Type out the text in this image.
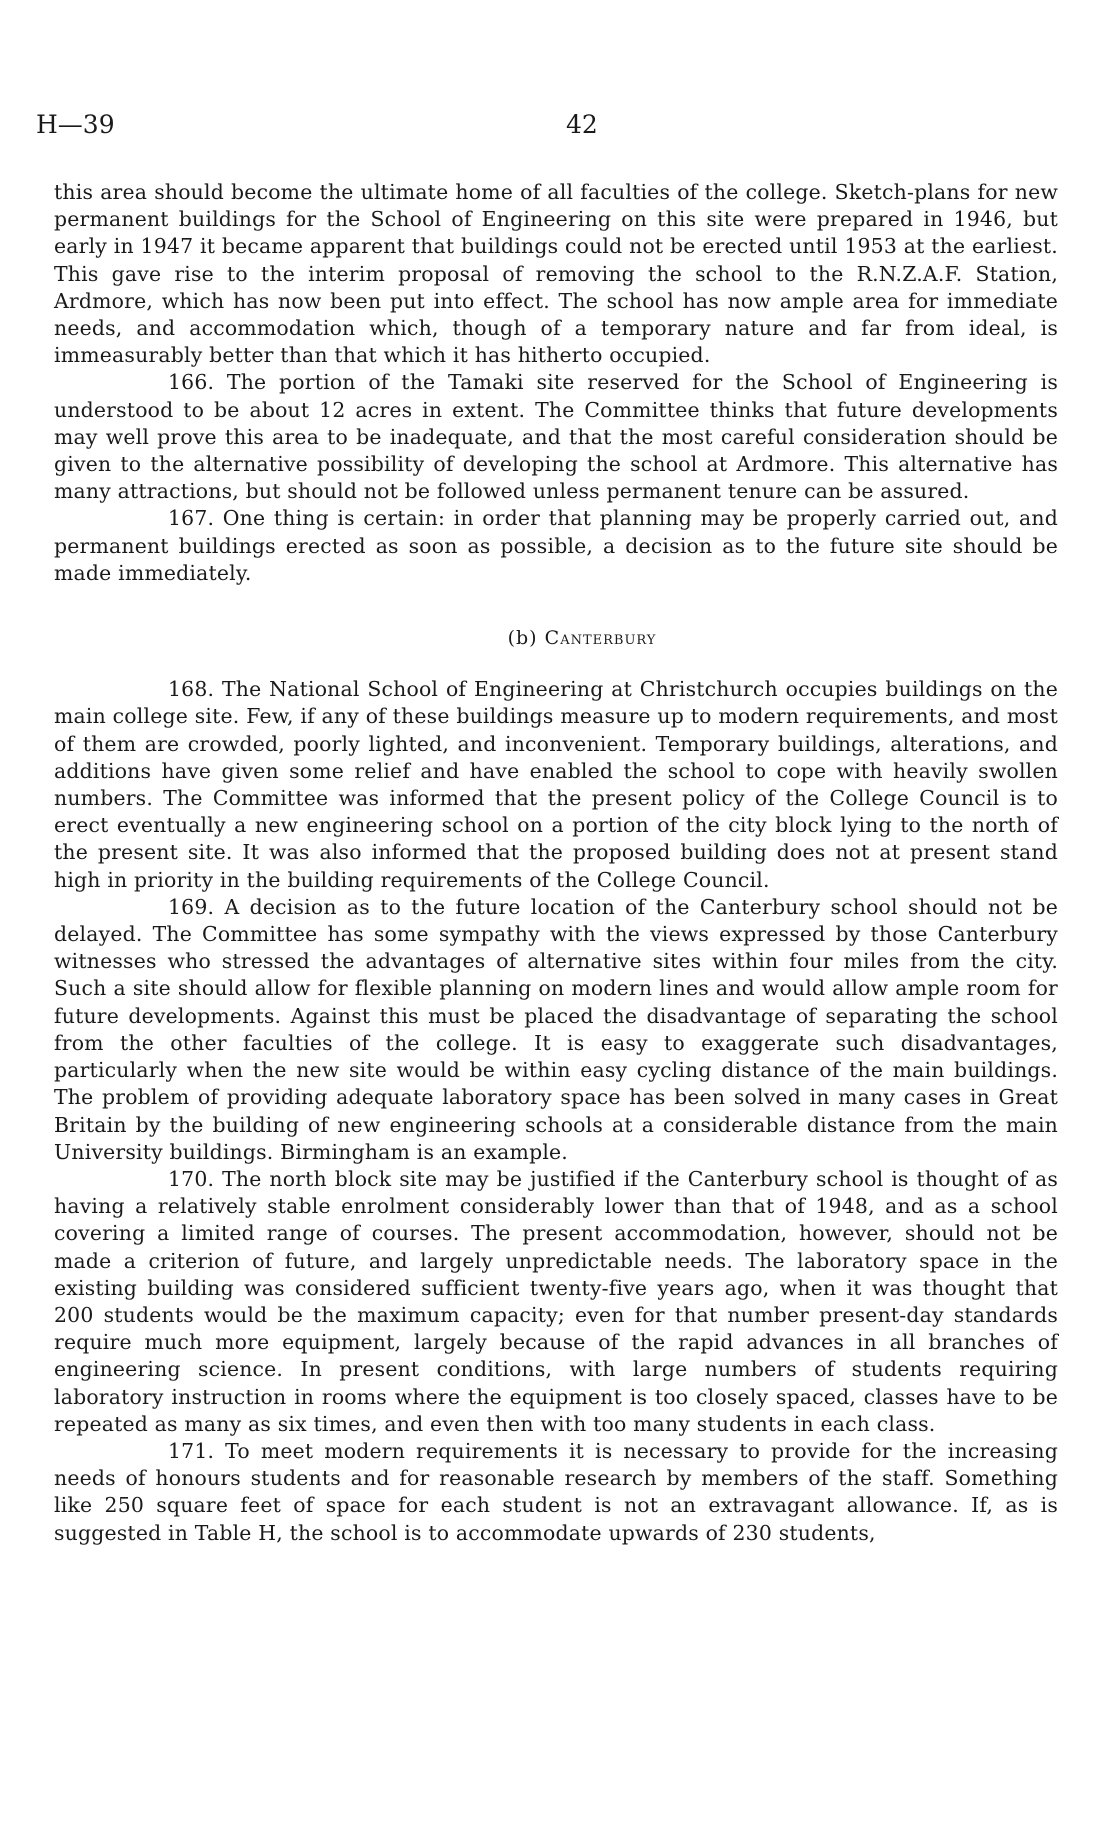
H—39	42

this area should become the ultimate home of all faculties of the college. Sketch-plans for new permanent buildings for the School of Engineering on this site were prepared in 1946, but early in 1947 it became apparent that buildings could not be erected until 1953 at the earliest. This gave rise to the interim proposal of removing the school to the R.N.Z.A.F. Station, Ardmore, which has now been put into effect. The school has now ample area for immediate needs, and accommodation which, though of a temporary nature and far from ideal, is immeasurably better than that which it has hitherto occupied.

166. The portion of the Tamaki site reserved for the School of Engineering is understood to be about 12 acres in extent. The Committee thinks that future developments may well prove this area to be inadequate, and that the most careful consideration should be given to the alternative possibility of developing the school at Ardmore. This alternative has many attractions, but should not be followed unless permanent tenure can be assured.

167. One thing is certain: in order that planning may be properly carried out, and permanent buildings erected as soon as possible, a decision as to the future site should be made immediately.

(b) Canterbury

168. The National School of Engineering at Christchurch occupies buildings on the main college site. Few, if any of these buildings measure up to modern requirements, and most of them are crowded, poorly lighted, and inconvenient. Temporary buildings, alterations, and additions have given some relief and have enabled the school to cope with heavily swollen numbers. The Committee was informed that the present policy of the College Council is to erect eventually a new engineering school on a portion of the city block lying to the north of the present site. It was also informed that the proposed building does not at present stand high in priority in the building requirements of the College Council.

169. A decision as to the future location of the Canterbury school should not be delayed. The Committee has some sympathy with the views expressed by those Canterbury witnesses who stressed the advantages of alternative sites within four miles from the city. Such a site should allow for flexible planning on modern lines and would allow ample room for future developments. Against this must be placed the disadvantage of separating the school from the other faculties of the college. It is easy to exaggerate such disadvantages, particularly when the new site would be within easy cycling distance of the main buildings. The problem of providing adequate laboratory space has been solved in many cases in Great Britain by the building of new engineering schools at a considerable distance from the main University buildings. Birmingham is an example.

170. The north block site may be justified if the Canterbury school is thought of as having a relatively stable enrolment considerably lower than that of 1948, and as a school covering a limited range of courses. The present accommodation, however, should not be made a criterion of future, and largely unpredictable needs. The laboratory space in the existing building was considered sufficient twenty-five years ago, when it was thought that 200 students would be the maximum capacity; even for that number present-day standards require much more equipment, largely because of the rapid advances in all branches of engineering science. In present conditions, with large numbers of students requiring laboratory instruction in rooms where the equipment is too closely spaced, classes have to be repeated as many as six times, and even then with too many students in each class.

171. To meet modern requirements it is necessary to provide for the increasing needs of honours students and for reasonable research by members of the staff. Something like 250 square feet of space for each student is not an extravagant allowance. If, as is suggested in Table H, the school is to accommodate upwards of 230 students,
